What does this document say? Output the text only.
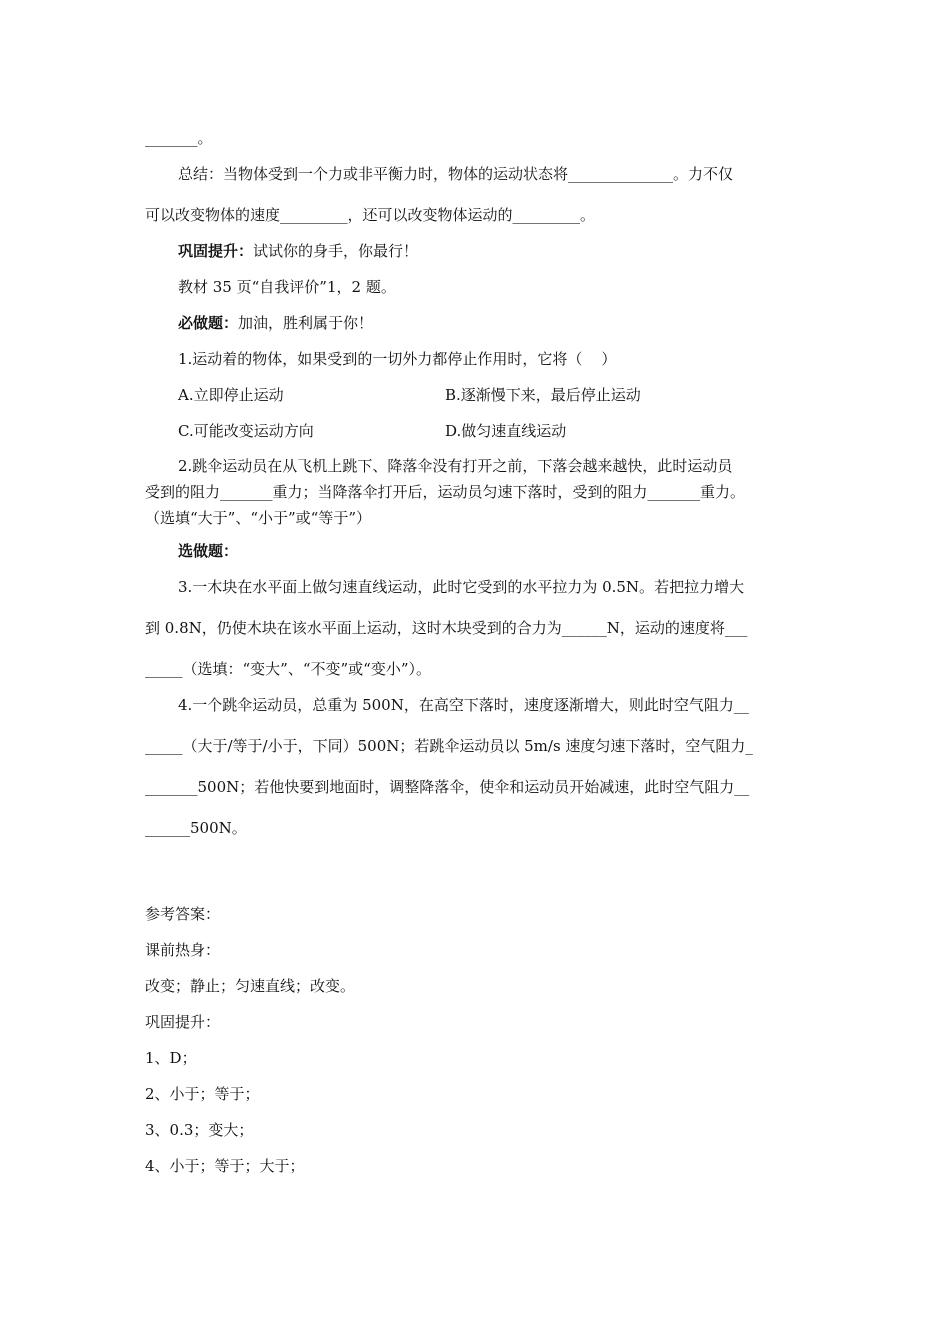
_______。
总结：当物体受到一个力或非平衡力时，物体的运动状态将______________。力不仅
可以改变物体的速度_________，还可以改变物体运动的_________。
巩固提升：试试你的身手，你最行！
教材 35 页“自我评价”1，2 题。
必做题：加油，胜利属于你！
1.运动着的物体，如果受到的一切外力都停止作用时，它将（    ）
A.立即停止运动	B.逐渐慢下来，最后停止运动
C.可能改变运动方向	D.做匀速直线运动
2.跳伞运动员在从飞机上跳下、降落伞没有打开之前，下落会越来越快，此时运动员
受到的阻力_______重力；当降落伞打开后，运动员匀速下落时，受到的阻力_______重力。
（选填“大于”、“小于”或“等于”）
选做题：
3.一木块在水平面上做匀速直线运动，此时它受到的水平拉力为 0.5N。若把拉力增大
到 0.8N，仍使木块在该水平面上运动，这时木块受到的合力为______N，运动的速度将___
_____（选填：“变大”、“不变”或“变小”）。
4.一个跳伞运动员，总重为 500N，在高空下落时，速度逐渐增大，则此时空气阻力__
_____（大于/等于/小于，下同）500N；若跳伞运动员以 5m/s 速度匀速下落时，空气阻力_
_______500N；若他快要到地面时，调整降落伞，使伞和运动员开始减速，此时空气阻力__
______500N。
参考答案：
课前热身：
改变；静止；匀速直线；改变。
巩固提升：
1、D；
2、小于；等于；
3、0.3；变大；
4、小于；等于；大于；
